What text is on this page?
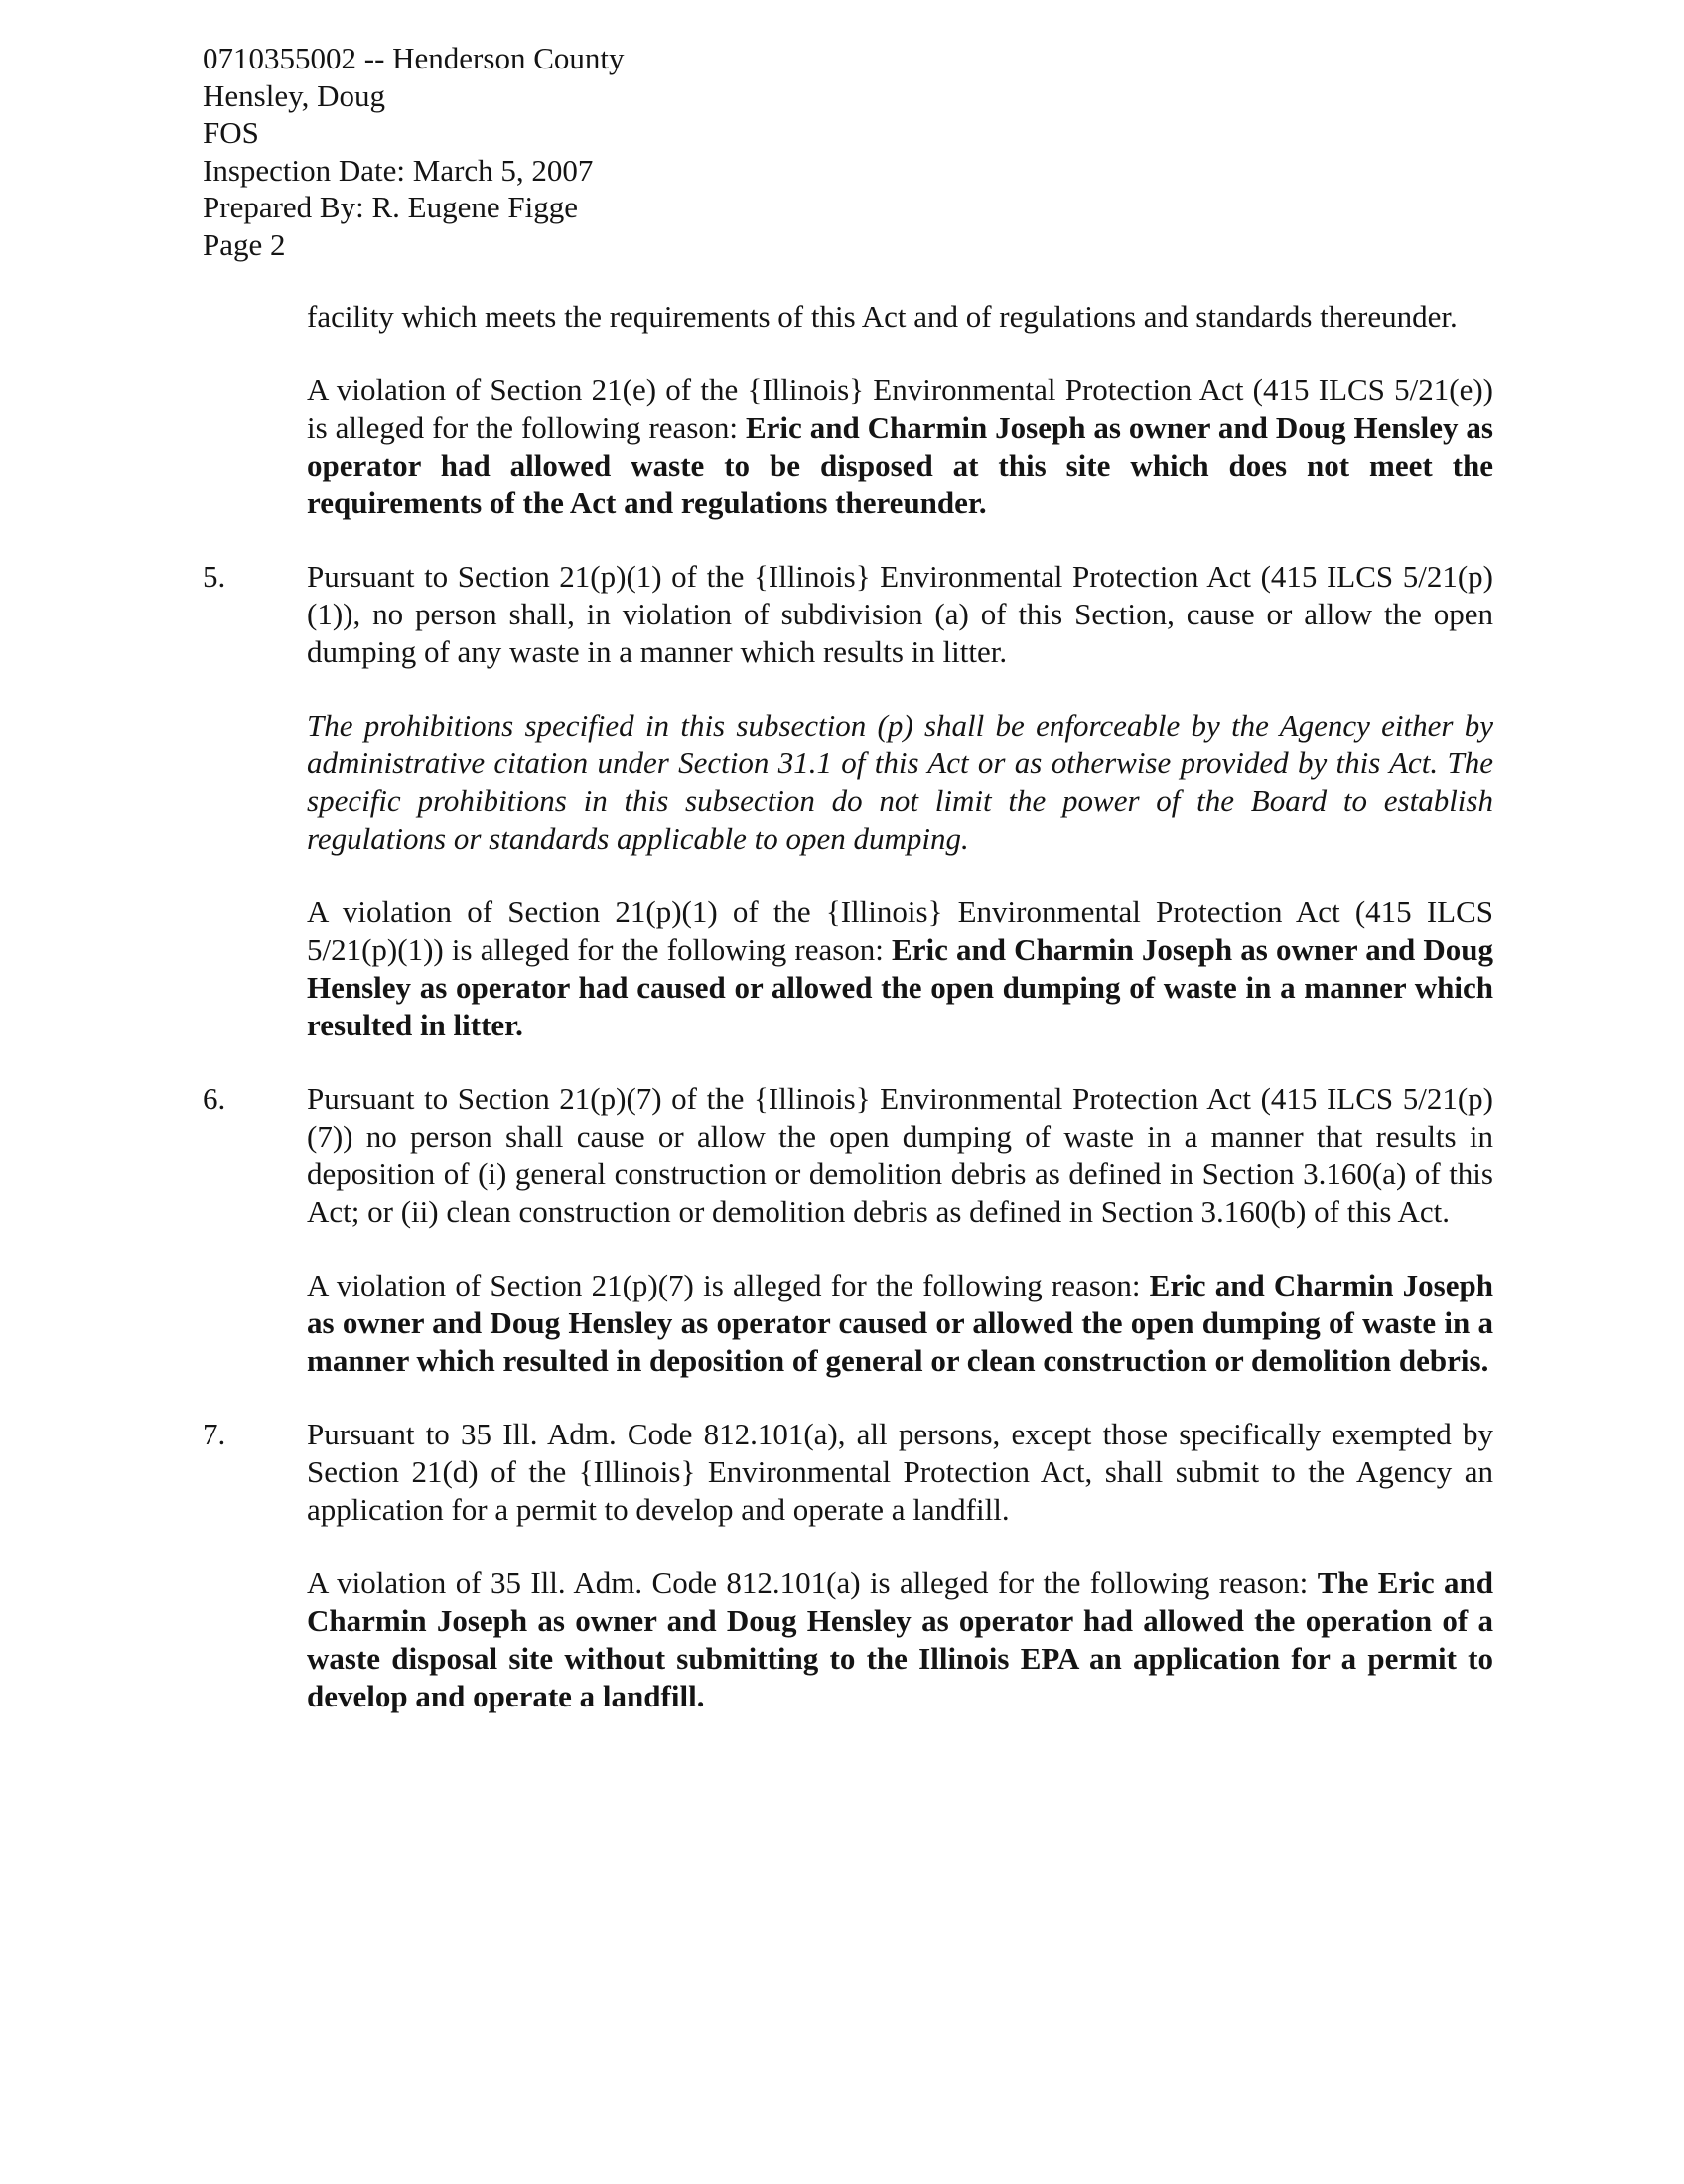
0710355002 -- Henderson County
Hensley, Doug
FOS
Inspection Date: March 5, 2007
Prepared By: R. Eugene Figge
Page 2

facility which meets the requirements of this Act and of regulations and standards thereunder.

A violation of Section 21(e) of the {Illinois} Environmental Protection Act (415 ILCS 5/21(e)) is alleged for the following reason: Eric and Charmin Joseph as owner and Doug Hensley as operator had allowed waste to be disposed at this site which does not meet the requirements of the Act and regulations thereunder.

5.	Pursuant to Section 21(p)(1) of the {Illinois} Environmental Protection Act (415 ILCS 5/21(p)(1)), no person shall, in violation of subdivision (a) of this Section, cause or allow the open dumping of any waste in a manner which results in litter.

The prohibitions specified in this subsection (p) shall be enforceable by the Agency either by administrative citation under Section 31.1 of this Act or as otherwise provided by this Act. The specific prohibitions in this subsection do not limit the power of the Board to establish regulations or standards applicable to open dumping.

A violation of Section 21(p)(1) of the {Illinois} Environmental Protection Act (415 ILCS 5/21(p)(1)) is alleged for the following reason: Eric and Charmin Joseph as owner and Doug Hensley as operator had caused or allowed the open dumping of waste in a manner which resulted in litter.

6.	Pursuant to Section 21(p)(7) of the {Illinois} Environmental Protection Act (415 ILCS 5/21(p)(7)) no person shall cause or allow the open dumping of waste in a manner that results in deposition of (i) general construction or demolition debris as defined in Section 3.160(a) of this Act; or (ii) clean construction or demolition debris as defined in Section 3.160(b) of this Act.

A violation of Section 21(p)(7) is alleged for the following reason: Eric and Charmin Joseph as owner and Doug Hensley as operator caused or allowed the open dumping of waste in a manner which resulted in deposition of general or clean construction or demolition debris.

7.	Pursuant to 35 Ill. Adm. Code 812.101(a), all persons, except those specifically exempted by Section 21(d) of the {Illinois} Environmental Protection Act, shall submit to the Agency an application for a permit to develop and operate a landfill.

A violation of 35 Ill. Adm. Code 812.101(a) is alleged for the following reason: The Eric and Charmin Joseph as owner and Doug Hensley as operator had allowed the operation of a waste disposal site without submitting to the Illinois EPA an application for a permit to develop and operate a landfill.
